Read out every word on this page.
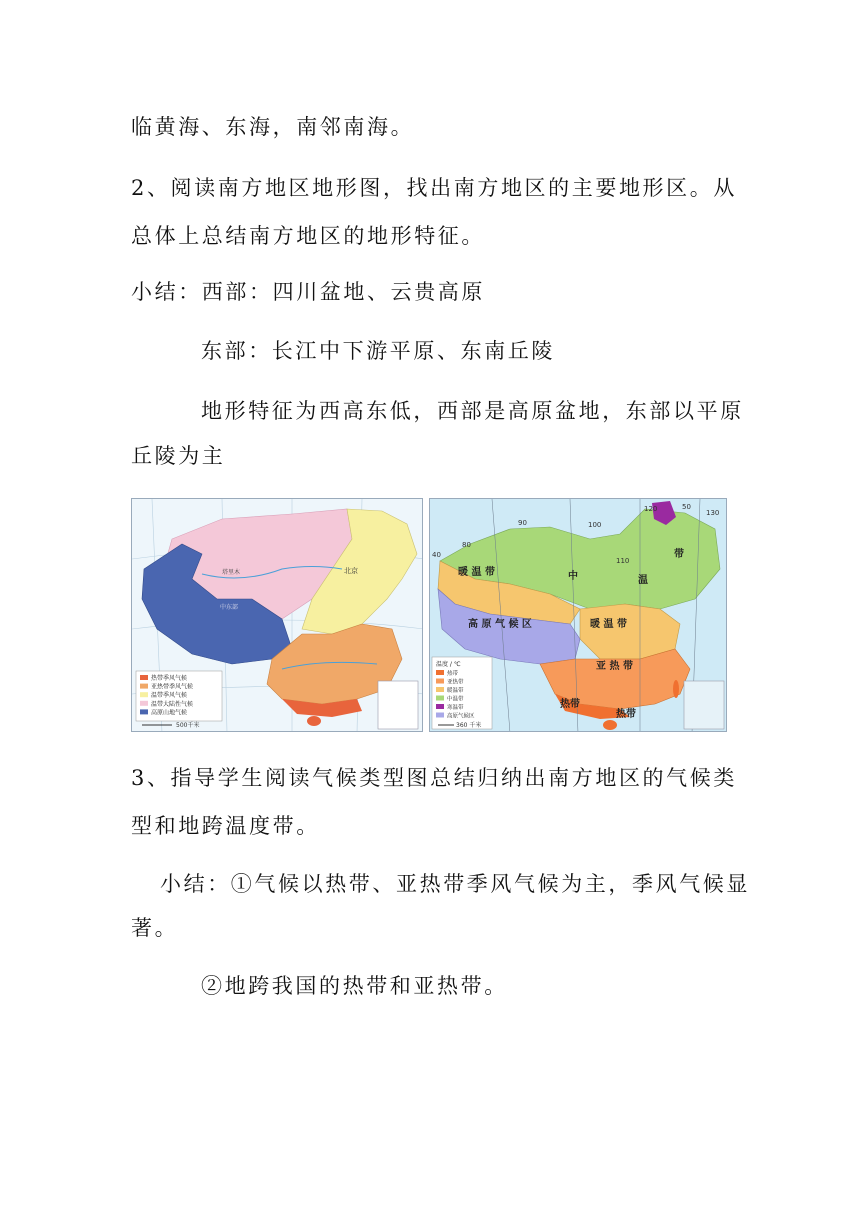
临黄海、东海，南邻南海。
2、阅读南方地区地形图，找出南方地区的主要地形区。从
总体上总结南方地区的地形特征。
小结：西部：四川盆地、云贵高原
东部：长江中下游平原、东南丘陵
地形特征为西高东低，西部是高原盆地，东部以平原
丘陵为主
北京
中东部
塔里木
热带季风气候
亚热带季风气候
温带季风气候
温带大陆性气候
高原山地气候
500千米
90	100
110
120	130
80
40
50
暖 温 带
高 原 气 候 区	暖 温 带
亚 热 带
热带
热带
中	温
带
温度 / ℃
热带
亚热带
暖温带
中温带
寒温带
高原气候区
360 千米
3、指导学生阅读气候类型图总结归纳出南方地区的气候类
型和地跨温度带。
小结：①气候以热带、亚热带季风气候为主，季风气候显
著。
②地跨我国的热带和亚热带。
